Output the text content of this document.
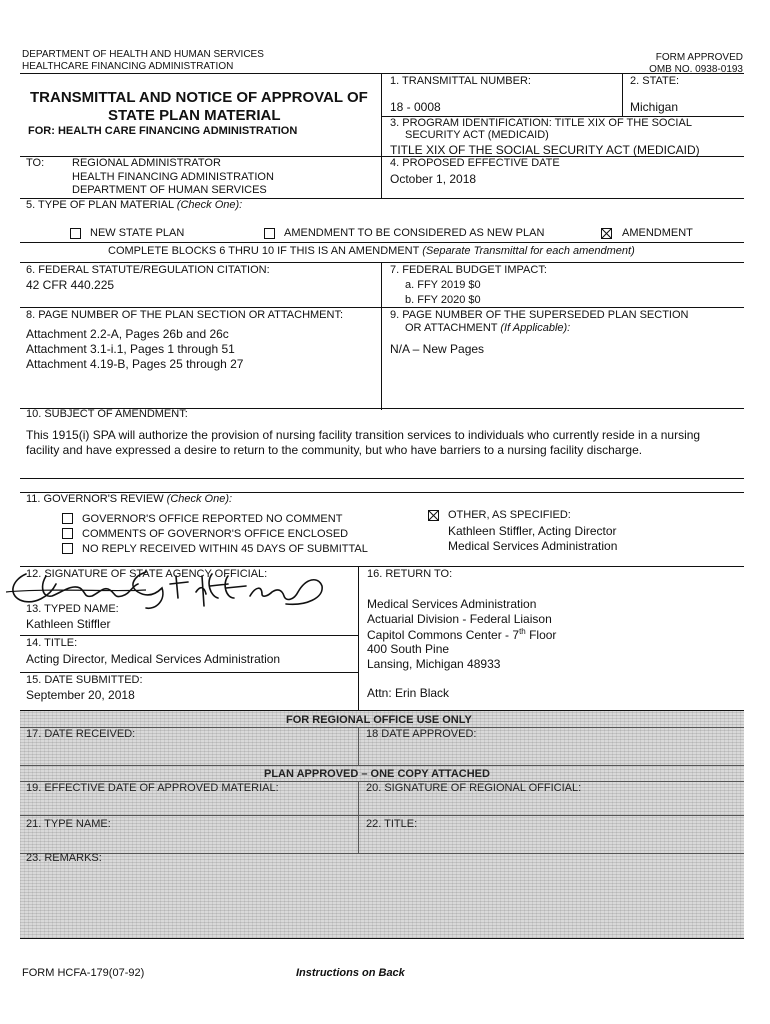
DEPARTMENT OF HEALTH AND HUMAN SERVICES
HEALTHCARE FINANCING ADMINISTRATION
FORM APPROVED
OMB NO. 0938-0193
TRANSMITTAL AND NOTICE OF APPROVAL OF
STATE PLAN MATERIAL
FOR: HEALTH CARE FINANCING ADMINISTRATION
1. TRANSMITTAL NUMBER:
18 - 0008
2. STATE:
Michigan
3. PROGRAM IDENTIFICATION: TITLE XIX OF THE SOCIAL
SECURITY ACT (MEDICAID)
TITLE XIX OF THE SOCIAL SECURITY ACT (MEDICAID)
TO:	REGIONAL ADMINISTRATOR
HEALTH FINANCING ADMINISTRATION
DEPARTMENT OF HUMAN SERVICES
4. PROPOSED EFFECTIVE DATE
October 1, 2018
5. TYPE OF PLAN MATERIAL (Check One):
NEW STATE PLAN	AMENDMENT TO BE CONSIDERED AS NEW PLAN	AMENDMENT
COMPLETE BLOCKS 6 THRU 10 IF THIS IS AN AMENDMENT (Separate Transmittal for each amendment)
6. FEDERAL STATUTE/REGULATION CITATION:
42 CFR 440.225
7. FEDERAL BUDGET IMPACT:
a. FFY 2019 $0
b. FFY 2020 $0
8. PAGE NUMBER OF THE PLAN SECTION OR ATTACHMENT:
Attachment 2.2-A, Pages 26b and 26c
Attachment 3.1-i.1, Pages 1 through 51
Attachment 4.19-B, Pages 25 through 27
9. PAGE NUMBER OF THE SUPERSEDED PLAN SECTION
OR ATTACHMENT (If Applicable):
N/A – New Pages
10. SUBJECT OF AMENDMENT:
This 1915(i) SPA will authorize the provision of nursing facility transition services to individuals who currently reside in a nursing
facility and have expressed a desire to return to the community, but who have barriers to a nursing facility discharge.
11. GOVERNOR'S REVIEW (Check One):
GOVERNOR'S OFFICE REPORTED NO COMMENT
COMMENTS OF GOVERNOR'S OFFICE ENCLOSED
NO REPLY RECEIVED WITHIN 45 DAYS OF SUBMITTAL
OTHER, AS SPECIFIED:
Kathleen Stiffler, Acting Director
Medical Services Administration
12. SIGNATURE OF STATE AGENCY OFFICIAL:
13. TYPED NAME:
Kathleen Stiffler
14. TITLE:
Acting Director, Medical Services Administration
15. DATE SUBMITTED:
September 20, 2018
16. RETURN TO:
Medical Services Administration
Actuarial Division - Federal Liaison
Capitol Commons Center - 7th Floor
400 South Pine
Lansing, Michigan 48933
Attn: Erin Black
FOR REGIONAL OFFICE USE ONLY
17. DATE RECEIVED:	18 DATE APPROVED:
PLAN APPROVED – ONE COPY ATTACHED
19. EFFECTIVE DATE OF APPROVED MATERIAL:	20. SIGNATURE OF REGIONAL OFFICIAL:
21. TYPE NAME:	22. TITLE:
23. REMARKS:
FORM HCFA-179(07-92)	Instructions on Back
